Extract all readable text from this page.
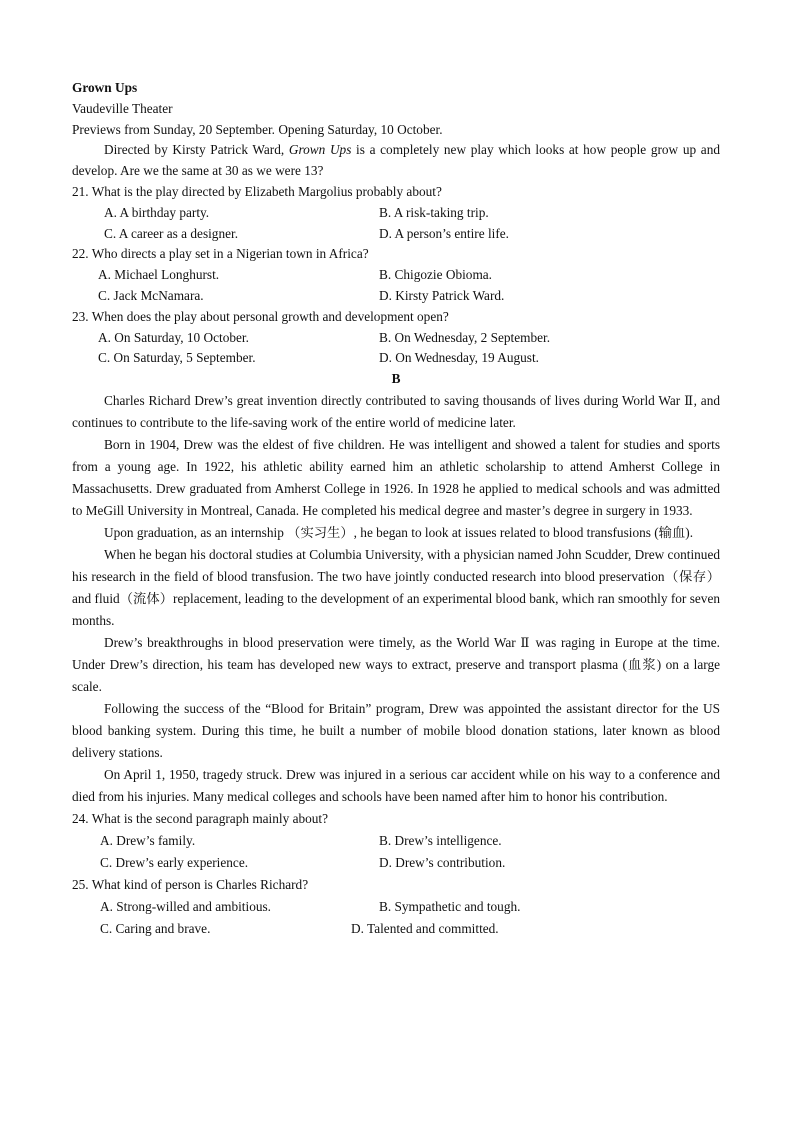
Grown Ups
Vaudeville Theater
Previews from Sunday, 20 September. Opening Saturday, 10 October.
Directed by Kirsty Patrick Ward, Grown Ups is a completely new play which looks at how people grow up and develop. Are we the same at 30 as we were 13?
21. What is the play directed by Elizabeth Margolius probably about?
A. A birthday party.	B. A risk-taking trip.
C. A career as a designer.	D. A person’s entire life.
22. Who directs a play set in a Nigerian town in Africa?
A. Michael Longhurst.	B. Chigozie Obioma.
C. Jack McNamara.	D. Kirsty Patrick Ward.
23. When does the play about personal growth and development open?
A. On Saturday, 10 October.	B. On Wednesday, 2 September.
C. On Saturday, 5 September.	D. On Wednesday, 19 August.
B
Charles Richard Drew’s great invention directly contributed to saving thousands of lives during World War Ⅱ, and continues to contribute to the life-saving work of the entire world of medicine later.
Born in 1904, Drew was the eldest of five children. He was intelligent and showed a talent for studies and sports from a young age. In 1922, his athletic ability earned him an athletic scholarship to attend Amherst College in Massachusetts. Drew graduated from Amherst College in 1926. In 1928 he applied to medical schools and was admitted to MeGill University in Montreal, Canada. He completed his medical degree and master’s degree in surgery in 1933.
Upon graduation, as an internship （实习生）, he began to look at issues related to blood transfusions (输血).
When he began his doctoral studies at Columbia University, with a physician named John Scudder, Drew continued his research in the field of blood transfusion. The two have jointly conducted research into blood preservation（保存）and fluid（流体）replacement, leading to the development of an experimental blood bank, which ran smoothly for seven months.
Drew’s breakthroughs in blood preservation were timely, as the World War Ⅱ was raging in Europe at the time. Under Drew’s direction, his team has developed new ways to extract, preserve and transport plasma (血浆) on a large scale.
Following the success of the “Blood for Britain” program, Drew was appointed the assistant director for the US blood banking system. During this time, he built a number of mobile blood donation stations, later known as blood delivery stations.
On April 1, 1950, tragedy struck. Drew was injured in a serious car accident while on his way to a conference and died from his injuries. Many medical colleges and schools have been named after him to honor his contribution.
24. What is the second paragraph mainly about?
A. Drew’s family.	B. Drew’s intelligence.
C. Drew’s early experience.	D. Drew’s contribution.
25. What kind of person is Charles Richard?
A. Strong-willed and ambitious.	B. Sympathetic and tough.
C. Caring and brave.	D. Talented and committed.
